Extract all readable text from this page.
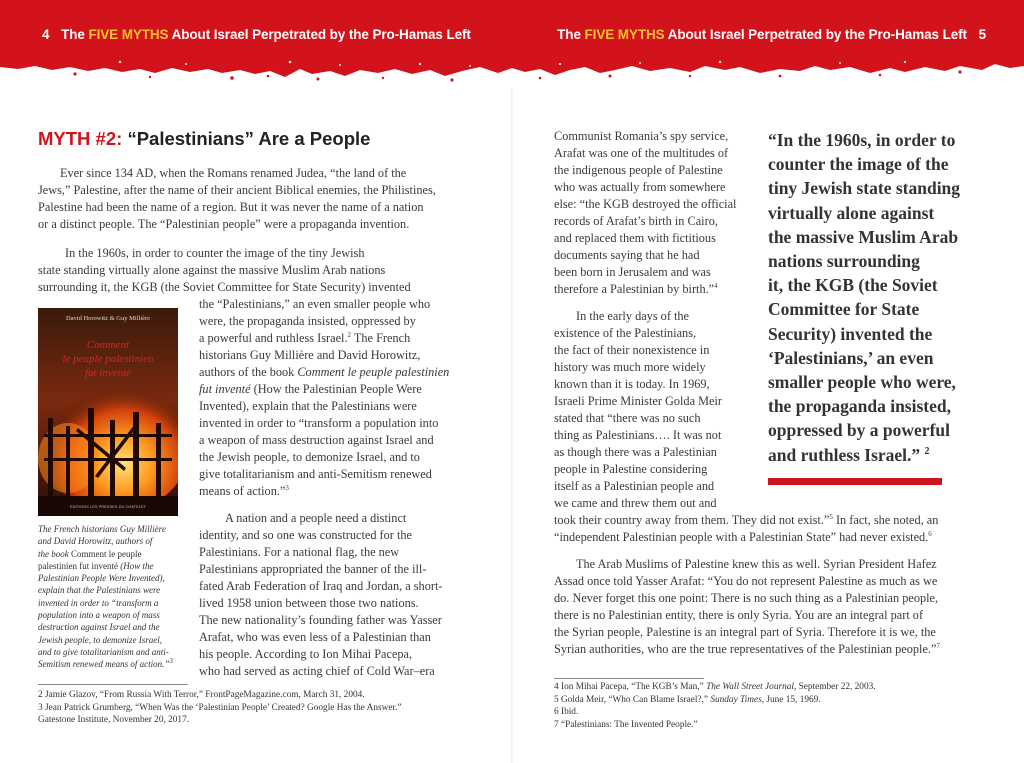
4 The FIVE MYTHS About Israel Perpetrated by the Pro-Hamas Left	The FIVE MYTHS About Israel Perpetrated by the Pro-Hamas Left 5
MYTH #2: “Palestinians” Are a People
Ever since 134 AD, when the Romans renamed Judea, “the land of the
Jews,” Palestine, after the name of their ancient Biblical enemies, the Philistines,
Palestine had been the name of a region. But it was never the name of a nation
or a distinct people. The “Palestinian people” were a propaganda invention.
In the 1960s, in order to counter the image of the tiny Jewish
state standing virtually alone against the massive Muslim Arab nations
surrounding it, the KGB (the Soviet Committee for State Security) invented
the “Palestinians,” an even smaller people who
were, the propaganda insisted, oppressed by
a powerful and ruthless Israel.$^2$ The French
historians Guy Millière and David Horowitz,
authors of the book Comment le peuple palestinien
fut inventé (How the Palestinian People Were
Invented), explain that the Palestinians were
invented in order to “transform a population into
a weapon of mass destruction against Israel and
the Jewish people, to demonize Israel, and to
give totalitarianism and anti-Semitism renewed
means of action.”$^3$
A nation and a people need a distinct
identity, and so one was constructed for the
Palestinians. For a national flag, the new
Palestinians appropriated the banner of the ill-
fated Arab Federation of Iraq and Jordan, a short-
lived 1958 union between those two nations.
The new nationality’s founding father was Yasser
Arafat, who was even less of a Palestinian than
his people. According to Ion Mihai Pacepa,
who had served as acting chief of Cold War–era
David Horowitz & Guy Millière
Comment
le peuple palestinien
fut inventé
EDITIONS LES PRESSES DU CHATELET
The French historians Guy Millière
and David Horowitz, authors of
the book Comment le peuple
palestinien fut inventé (How the
Palestinian People Were Invented),
explain that the Palestinians were
invented in order to “transform a
population into a weapon of mass
destruction against Israel and the
Jewish people, to demonize Israel,
and to give totalitarianism and anti-
Semitism renewed means of action.”$^3$

2 Jamie Glazov, “From Russia With Terror,” FrontPageMagazine.com, March 31, 2004.

3 Jean Patrick Grumberg, “When Was the ‘Palestinian People’ Created? Google Has the Answer.”

Gatestone Institute, November 20, 2017.

Communist Romania’s spy service,
Arafat was one of the multitudes of
the indigenous people of Palestine
who was actually from somewhere
else: “the KGB destroyed the official
records of Arafat’s birth in Cairo,
and replaced them with fictitious
documents saying that he had
been born in Jerusalem and was
therefore a Palestinian by birth.”$^4$
In the early days of the
existence of the Palestinians,
the fact of their nonexistence in
history was much more widely
known than it is today. In 1969,
Israeli Prime Minister Golda Meir
stated that “there was no such
thing as Palestinians…. It was not
as though there was a Palestinian
people in Palestine considering
itself as a Palestinian people and
we came and threw them out and
took their country away from them. They did not exist.”$^5$ In fact, she noted, an
“independent Palestinian people with a Palestinian State” had never existed.$^6$
The Arab Muslims of Palestine knew this as well. Syrian President Hafez
Assad once told Yasser Arafat: “You do not represent Palestine as much as we
do. Never forget this one point: There is no such thing as a Palestinian people,
there is no Palestinian entity, there is only Syria. You are an integral part of
the Syrian people, Palestine is an integral part of Syria. Therefore it is we, the
Syrian authorities, who are the true representatives of the Palestinian people.”$^7$
“In the 1960s, in order to
counter the image of the
tiny Jewish state standing
virtually alone against
the massive Muslim Arab
nations surrounding
it, the KGB (the Soviet
Committee for State
Security) invented the
‘Palestinians,’ an even
smaller people who were,
the propaganda insisted,
oppressed by a powerful
and ruthless Israel.” $^2$

4 Ion Mihai Pacepa, “The KGB’s Man,” The Wall Street Journal, September 22, 2003.

5 Golda Meir, “Who Can Blame Israel?,” Sunday Times, June 15, 1969.

6 Ibid.

7 “Palestinians: The Invented People.”
